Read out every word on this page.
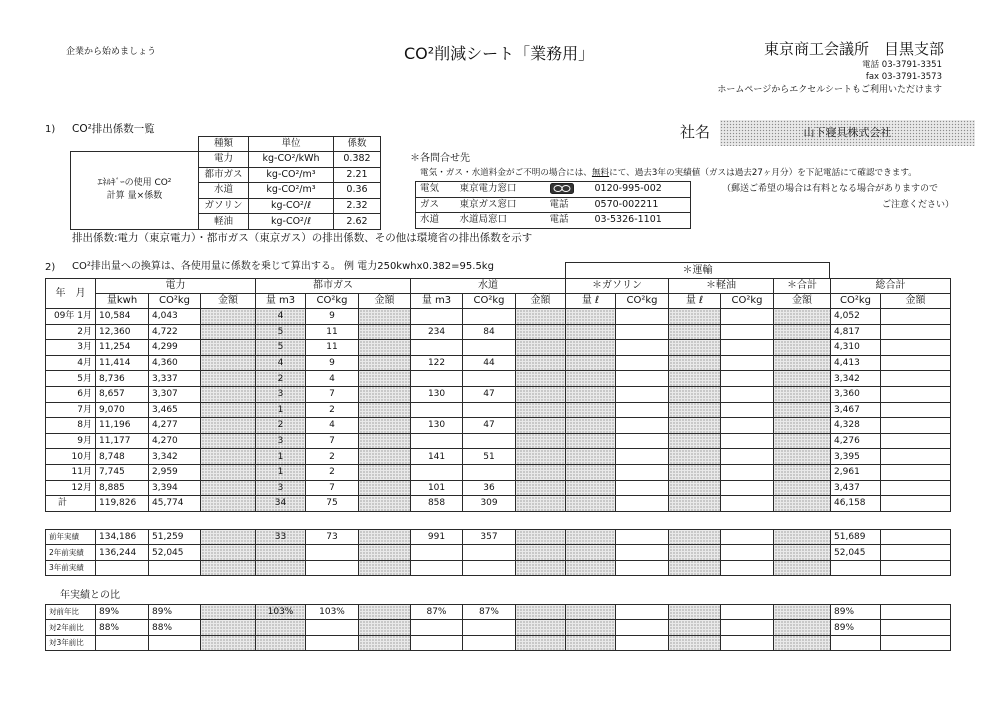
企業から始めましょう	CO²削減シート「業務用」	東京商工会議所　目黒支部
電話 03-3791-3351
fax 03-3791-3573
ホームページからエクセルシートもご利用いただけます
1) CO²排出係数一覧
	種類	単位	係数

ｴﾈﾙｷﾞｰの使用 CO²
計算 量×係数	電力	kg-CO²/kWh	0.382
	都市ガス	kg-CO²/m³	2.21
	水道	kg-CO²/m³	0.36
	ガソリン	kg-CO²/ℓ	2.32
	軽油	kg-CO²/ℓ	2.62
排出係数:電力（東京電力）・都市ガス（東京ガス）の排出係数、その他は環境省の排出係数を示す
社名	山下寝具株式会社
＊各問合せ先
電気・ガス・水道料金がご不明の場合には、無料にて、過去3年の実績値（ガスは過去27ヶ月分）を下記電話にて確認できます。
電気	東京電力窓口		0120-995-002
ガス	東京ガス窓口	電話	0570-002211
水道	水道局窓口	電話	03-5326-1101
（郵送ご希望の場合は有料となる場合がありますので
ご注意ください）
2) CO²排出量への換算は、各使用量に係数を乗じて算出する。 例 電力250kwhx0.382=95.5kg	＊運輸
年　月	電力			都市ガス			水道			＊ガソリン		＊軽油		＊合計	総合計	
	量kwh	CO²kg	金額	量 m3	CO²kg	金額	量 m3	CO²kg	金額	量 ℓ	CO²kg	量 ℓ	CO²kg	金額	CO²kg	金額
09年 1月	10,584	4,043		4	9										4,052	
2月	12,360	4,722		5	11		234	84							4,817	
3月	11,254	4,299		5	11										4,310	
4月	11,414	4,360		4	9		122	44							4,413	
5月	8,736	3,337		2	4										3,342	
6月	8,657	3,307		3	7		130	47							3,360	
7月	9,070	3,465		1	2										3,467	
8月	11,196	4,277		2	4		130	47							4,328	
9月	11,177	4,270		3	7										4,276	
10月	8,748	3,342		1	2		141	51							3,395	
11月	7,745	2,959		1	2										2,961	
12月	8,885	3,394		3	7		101	36							3,437	
計	119,826	45,774		34	75		858	309							46,158	
前年実績	134,186	51,259		33	73		991	357							51,689	
2年前実績	136,244	52,045													52,045	
3年前実績																
年実績との比
対前年比	89%	89%		103%	103%		87%	87%							89%	
対2年前比	88%	88%													89%	
対3年前比																
